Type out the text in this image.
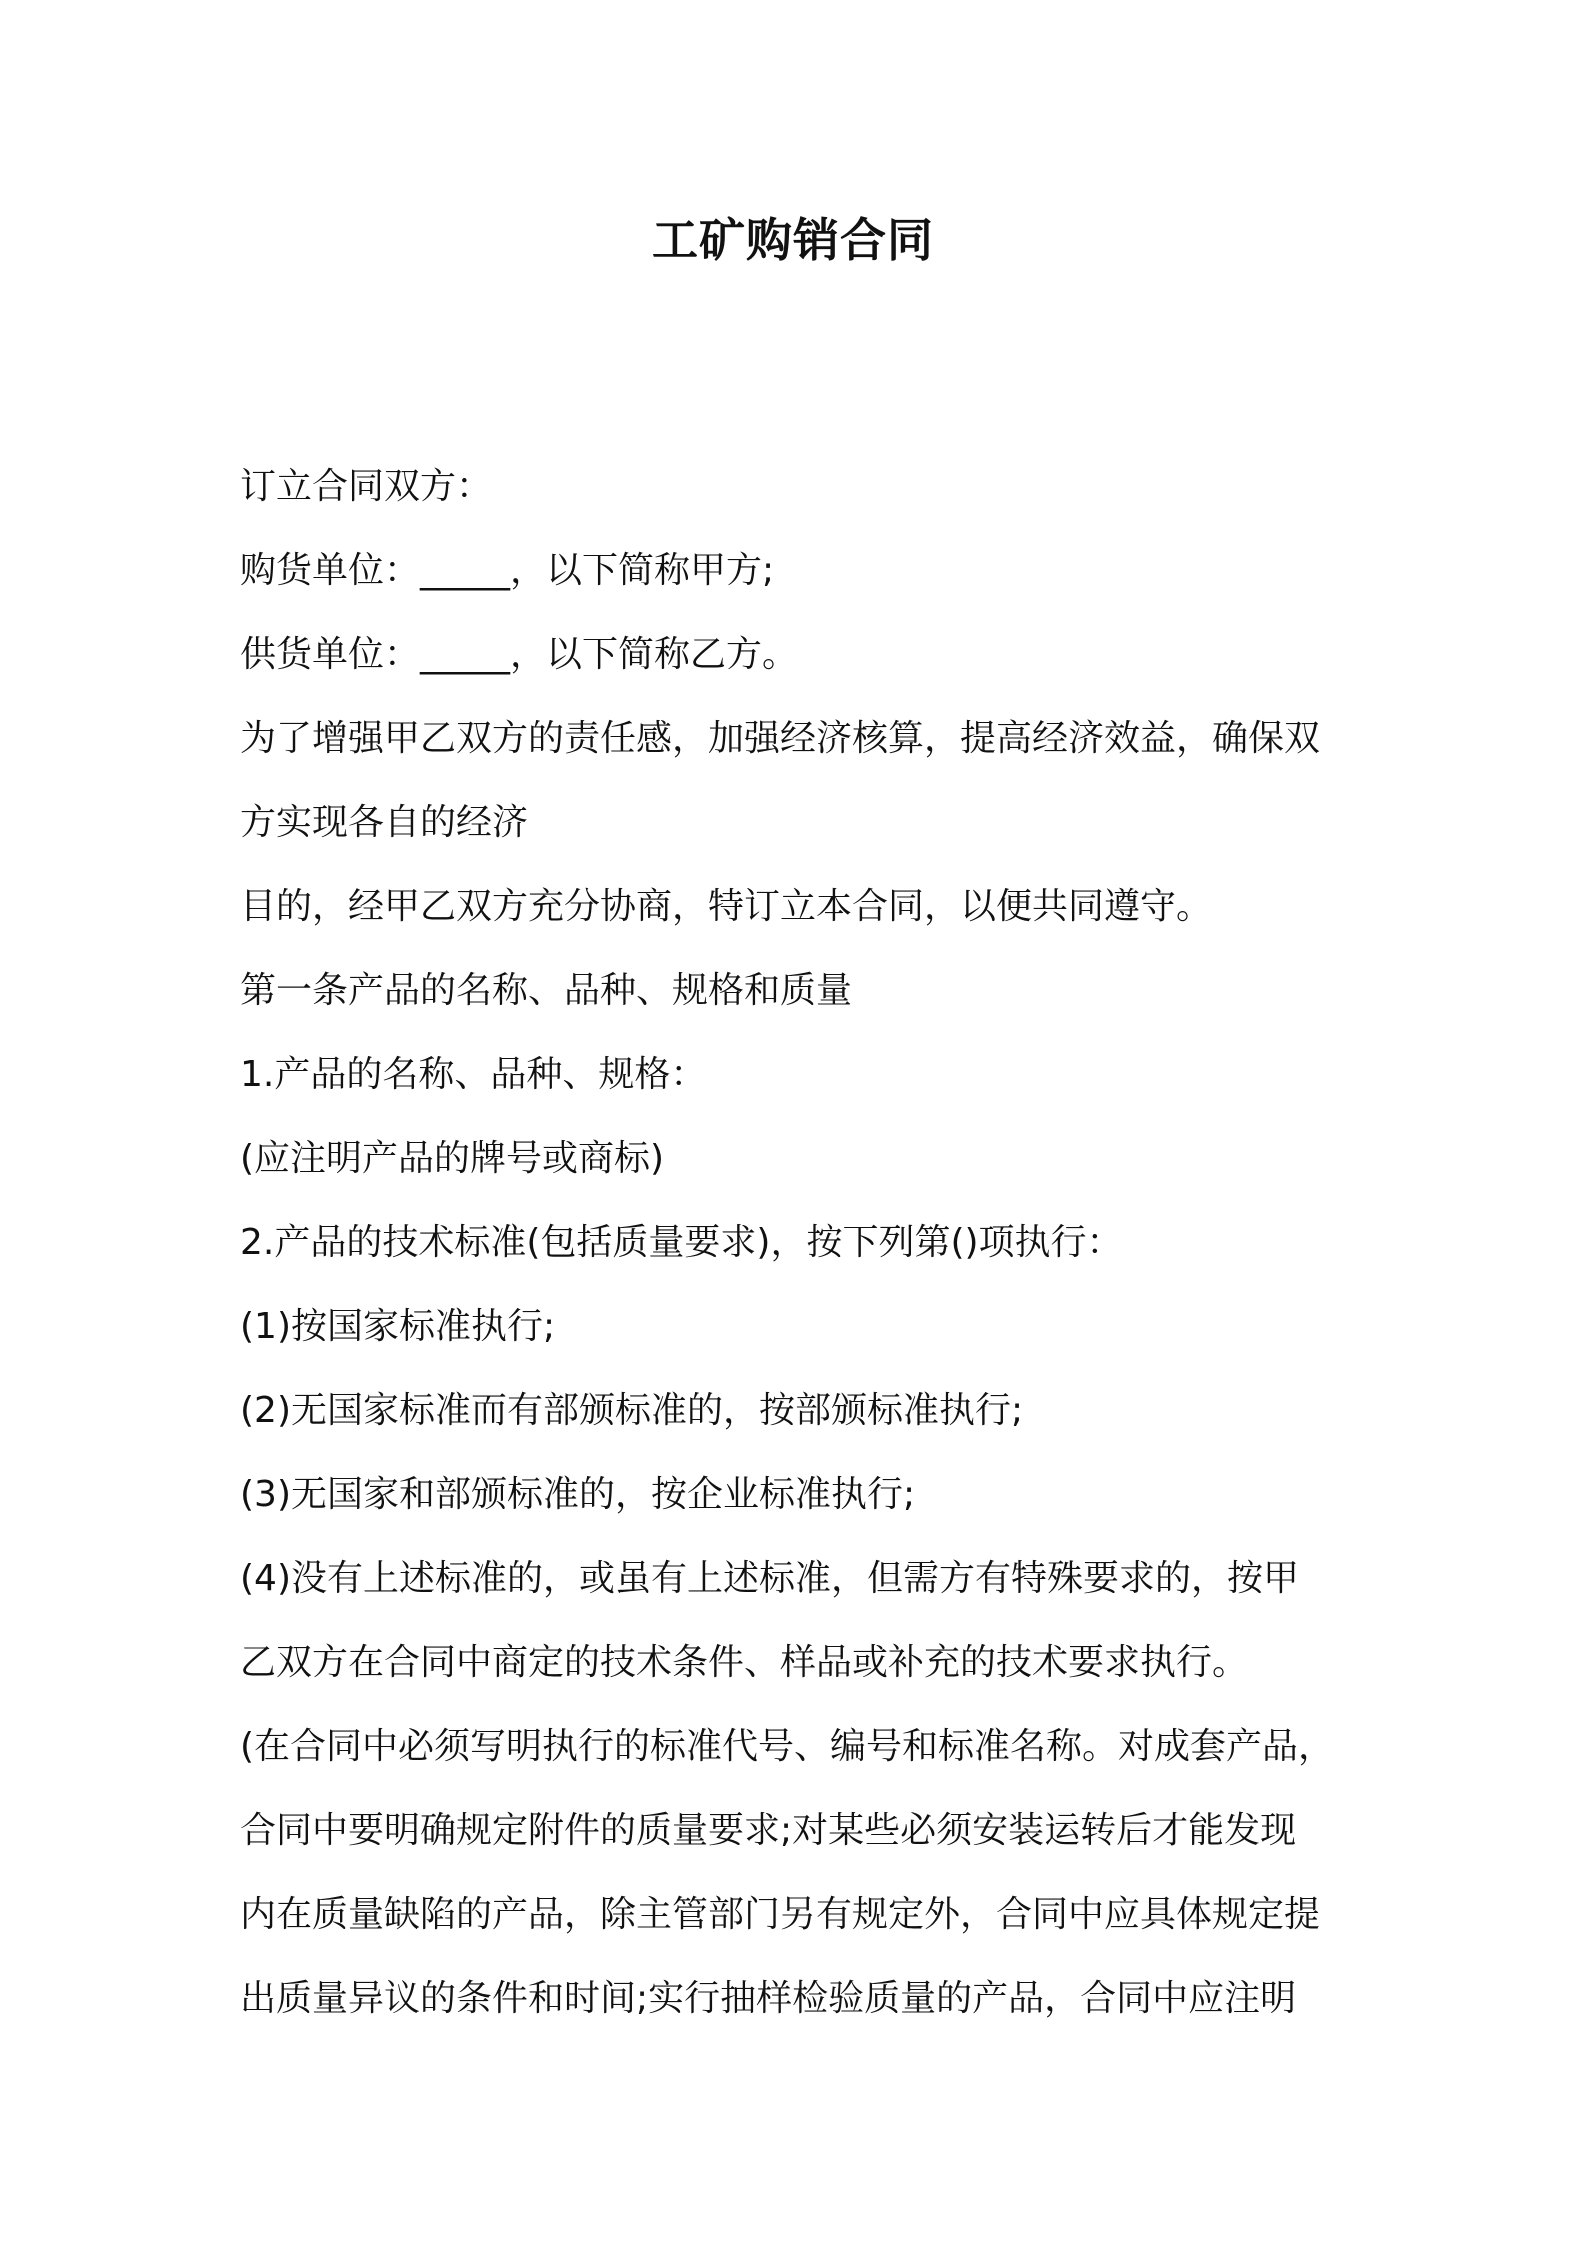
工矿购销合同
订立合同双方：
购货单位：_____，以下简称甲方;
供货单位：_____，以下简称乙方。
为了增强甲乙双方的责任感，加强经济核算，提高经济效益，确保双
方实现各自的经济
目的，经甲乙双方充分协商，特订立本合同，以便共同遵守。
第一条产品的名称、品种、规格和质量
1.产品的名称、品种、规格：
(应注明产品的牌号或商标)
2.产品的技术标准(包括质量要求)，按下列第()项执行：
(1)按国家标准执行;
(2)无国家标准而有部颁标准的，按部颁标准执行;
(3)无国家和部颁标准的，按企业标准执行;
(4)没有上述标准的，或虽有上述标准，但需方有特殊要求的，按甲
乙双方在合同中商定的技术条件、样品或补充的技术要求执行。
(在合同中必须写明执行的标准代号、编号和标准名称。对成套产品，
合同中要明确规定附件的质量要求;对某些必须安装运转后才能发现
内在质量缺陷的产品，除主管部门另有规定外，合同中应具体规定提
出质量异议的条件和时间;实行抽样检验质量的产品，合同中应注明
